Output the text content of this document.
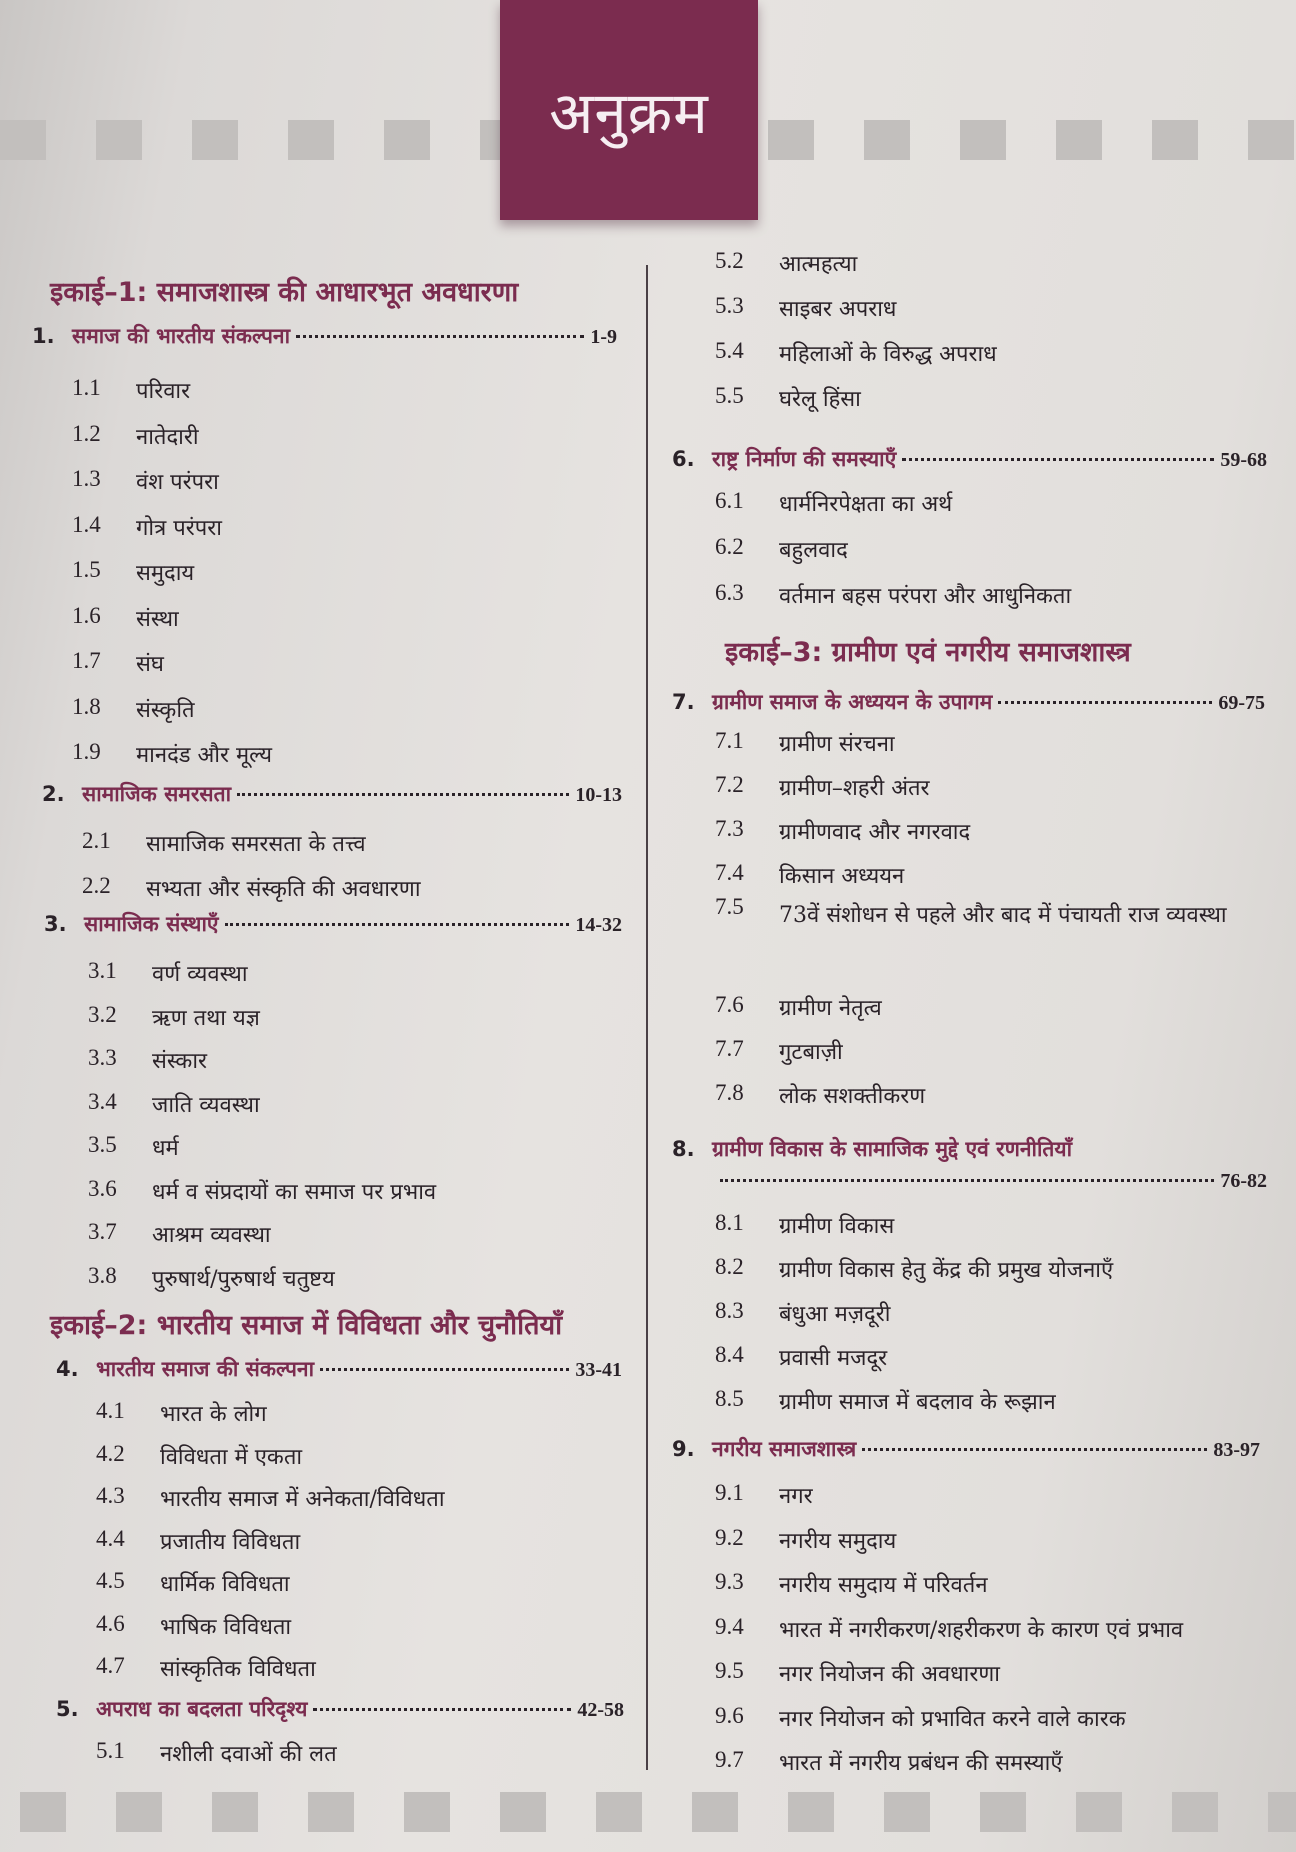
अनुक्रम
इकाई–1: समाजशास्त्र की आधारभूत अवधारणा
1. समाज की भारतीय संकल्पना	1-9
1.1	परिवार
1.2	नातेदारी
1.3	वंश परंपरा
1.4	गोत्र परंपरा
1.5	समुदाय
1.6	संस्था
1.7	संघ
1.8	संस्कृति
1.9	मानदंड और मूल्य
2. सामाजिक समरसता	10-13
2.1	सामाजिक समरसता के तत्त्व
2.2	सभ्यता और संस्कृति की अवधारणा
3. सामाजिक संस्थाएँ	14-32
3.1	वर्ण व्यवस्था
3.2	ऋण तथा यज्ञ
3.3	संस्कार
3.4	जाति व्यवस्था
3.5	धर्म
3.6	धर्म व संप्रदायों का समाज पर प्रभाव
3.7	आश्रम व्यवस्था
3.8	पुरुषार्थ/पुरुषार्थ चतुष्टय
इकाई–2: भारतीय समाज में विविधता और चुनौतियाँ
4. भारतीय समाज की संकल्पना	33-41
4.1	भारत के लोग
4.2	विविधता में एकता
4.3	भारतीय समाज में अनेकता/विविधता
4.4	प्रजातीय विविधता
4.5	धार्मिक विविधता
4.6	भाषिक विविधता
4.7	सांस्कृतिक विविधता
5. अपराध का बदलता परिदृश्य	42-58
5.1	नशीली दवाओं की लत
5.2	आत्महत्या
5.3	साइबर अपराध
5.4	महिलाओं के विरुद्ध अपराध
5.5	घरेलू हिंसा
6. राष्ट्र निर्माण की समस्याएँ	59-68
6.1	धार्मनिरपेक्षता का अर्थ
6.2	बहुलवाद
6.3	वर्तमान बहस परंपरा और आधुनिकता
इकाई–3: ग्रामीण एवं नगरीय समाजशास्त्र
7. ग्रामीण समाज के अध्ययन के उपागम	69-75
7.1	ग्रामीण संरचना
7.2	ग्रामीण–शहरी अंतर
7.3	ग्रामीणवाद और नगरवाद
7.4	किसान अध्ययन
7.5	73वें संशोधन से पहले और बाद में पंचायती राज व्यवस्था
7.6	ग्रामीण नेतृत्व
7.7	गुटबाज़ी
7.8	लोक सशक्तीकरण
8. ग्रामीण विकास के सामाजिक मुद्दे एवं रणनीतियाँ
76-82
8.1	ग्रामीण विकास
8.2	ग्रामीण विकास हेतु केंद्र की प्रमुख योजनाएँ
8.3	बंधुआ मज़दूरी
8.4	प्रवासी मजदूर
8.5	ग्रामीण समाज में बदलाव के रूझान
9. नगरीय समाजशास्त्र	83-97
9.1	नगर
9.2	नगरीय समुदाय
9.3	नगरीय समुदाय में परिवर्तन
9.4	भारत में नगरीकरण/शहरीकरण के कारण एवं प्रभाव
9.5	नगर नियोजन की अवधारणा
9.6	नगर नियोजन को प्रभावित करने वाले कारक
9.7	भारत में नगरीय प्रबंधन की समस्याएँ
